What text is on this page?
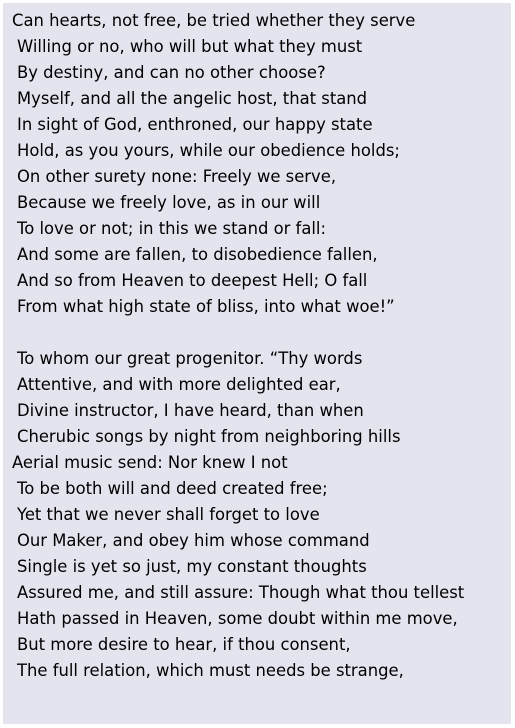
Can hearts, not free, be tried whether they serve
Willing or no, who will but what they must
By destiny, and can no other choose?
Myself, and all the angelic host, that stand
In sight of God, enthroned, our happy state
Hold, as you yours, while our obedience holds;
On other surety none: Freely we serve,
Because we freely love, as in our will
To love or not; in this we stand or fall:
And some are fallen, to disobedience fallen,
And so from Heaven to deepest Hell; O fall
From what high state of bliss, into what woe!”
To whom our great progenitor. “Thy words
Attentive, and with more delighted ear,
Divine instructor, I have heard, than when
Cherubic songs by night from neighboring hills
Aerial music send: Nor knew I not
To be both will and deed created free;
Yet that we never shall forget to love
Our Maker, and obey him whose command
Single is yet so just, my constant thoughts
Assured me, and still assure: Though what thou tellest
Hath passed in Heaven, some doubt within me move,
But more desire to hear, if thou consent,
The full relation, which must needs be strange,
